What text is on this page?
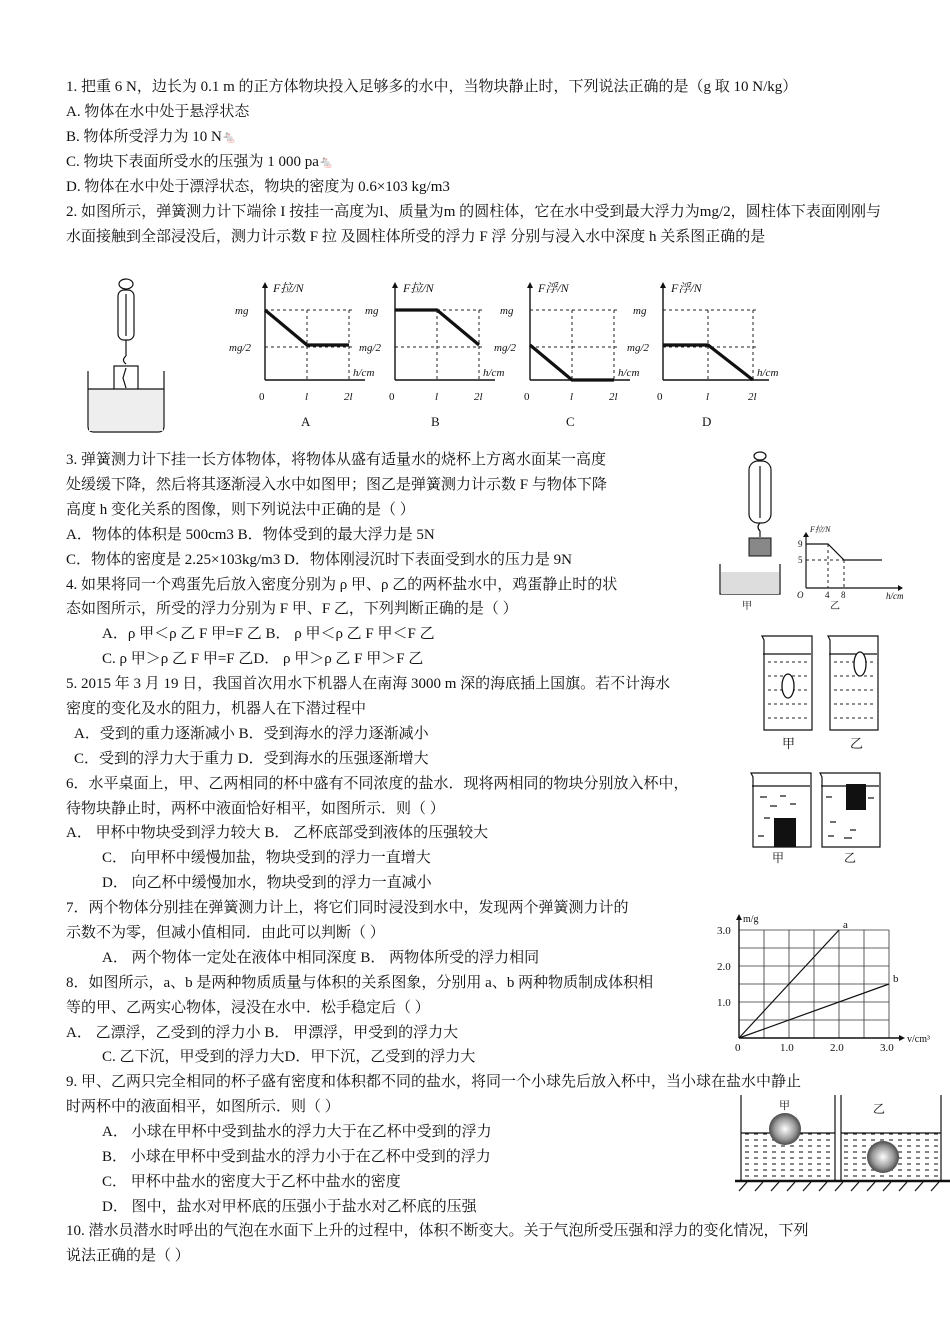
1. 把重 6 N，边长为 0.1 m 的正方体物块投入足够多的水中，当物块静止时，下列说法正确的是（g 取 10 N/kg）

A. 物体在水中处于悬浮状态

B. 物体所受浮力为 10 N🐁

C. 物块下表面所受水的压强为 1 000 pa🐁

D. 物体在水中处于漂浮状态，物块的密度为 0.6×103 kg/m3

2. 如图所示，弹簧测力计下端徐 I 按挂一高度为l、质量为m 的圆柱体，它在水中受到最大浮力为mg/2，圆柱体下表面刚刚与水面接触到全部浸没后，测力计示数 F 拉 及圆柱体所受的浮力 F 浮 分别与浸入水中深度 h 关系图正确的是

F拉/N
mg
mg/2
h/cm
0	l	2l
A
F拉/N
mg
mg/2
h/cm
0	l	2l
B
F浮/N
mg
mg/2
h/cm
0	l	2l
C
F浮/N
mg
mg/2
h/cm
0	l	2l
D

3. 弹簧测力计下挂一长方体物体，将物体从盛有适量水的烧杯上方离水面某一高度

处缓缓下降，然后将其逐渐浸入水中如图甲；图乙是弹簧测力计示数 F 与物体下降

高度 h 变化关系的图像，则下列说法中正确的是（ ）

A．物体的体积是 500cm3 B．物体受到的最大浮力是 5N

C．物体的密度是 2.25×103kg/m3 D．物体刚浸沉时下表面受到水的压力是 9N

4. 如果将同一个鸡蛋先后放入密度分别为 ρ 甲、ρ 乙的两杯盐水中，鸡蛋静止时的状

态如图所示，所受的浮力分别为 F 甲、F 乙，下列判断正确的是（ ）

A．ρ 甲＜ρ 乙 F 甲=F 乙 B． ρ 甲＜ρ 乙 F 甲＜F 乙

C. ρ 甲＞ρ 乙 F 甲=F 乙D． ρ 甲＞ρ 乙 F 甲＞F 乙

甲
F拉/N
9
5
O 4 8	h/cm
乙
甲	乙

5. 2015 年 3 月 19 日，我国首次用水下机器人在南海 3000 m 深的海底插上国旗。若不计海水

密度的变化及水的阻力，机器人在下潜过程中

A．受到的重力逐渐减小 B．受到海水的浮力逐渐减小

C．受到的浮力大于重力 D．受到海水的压强逐渐增大

6．水平桌面上，甲、乙两相同的杯中盛有不同浓度的盐水．现将两相同的物块分别放入杯中，

待物块静止时，两杯中液面恰好相平，如图所示．则（ ）

A． 甲杯中物块受到浮力较大 B． 乙杯底部受到液体的压强较大

C． 向甲杯中缓慢加盐，物块受到的浮力一直增大

D． 向乙杯中缓慢加水，物块受到的浮力一直减小

甲	乙

7．两个物体分别挂在弹簧测力计上，将它们同时浸没到水中，发现两个弹簧测力计的

示数不为零，但减小值相同．由此可以判断（ ）

A． 两个物体一定处在液体中相同深度 B． 两物体所受的浮力相同

8．如图所示，a、b 是两种物质质量与体积的关系图象，分别用 a、b 两种物质制成体积相

等的甲、乙两实心物体，浸没在水中．松手稳定后（ ）

A． 乙漂浮，乙受到的浮力小 B． 甲漂浮，甲受到的浮力大

C. 乙下沉，甲受到的浮力大D．甲下沉，乙受到的浮力大

a
b
0	1.0	2.0	3.0
1.0
2.0
3.0
m/g
v/cm³

9. 甲、乙两只完全相同的杯子盛有密度和体积都不同的盐水，将同一个小球先后放入杯中，当小球在盐水中静止

时两杯中的液面相平，如图所示．则（ ）

A． 小球在甲杯中受到盐水的浮力大于在乙杯中受到的浮力

B． 小球在甲杯中受到盐水的浮力小于在乙杯中受到的浮力

C． 甲杯中盐水的密度大于乙杯中盐水的密度

D． 图中，盐水对甲杯底的压强小于盐水对乙杯底的压强

10. 潜水员潜水时呼出的气泡在水面下上升的过程中，体积不断变大。关于气泡所受压强和浮力的变化情况，下列

说法正确的是（ ）

甲	乙
